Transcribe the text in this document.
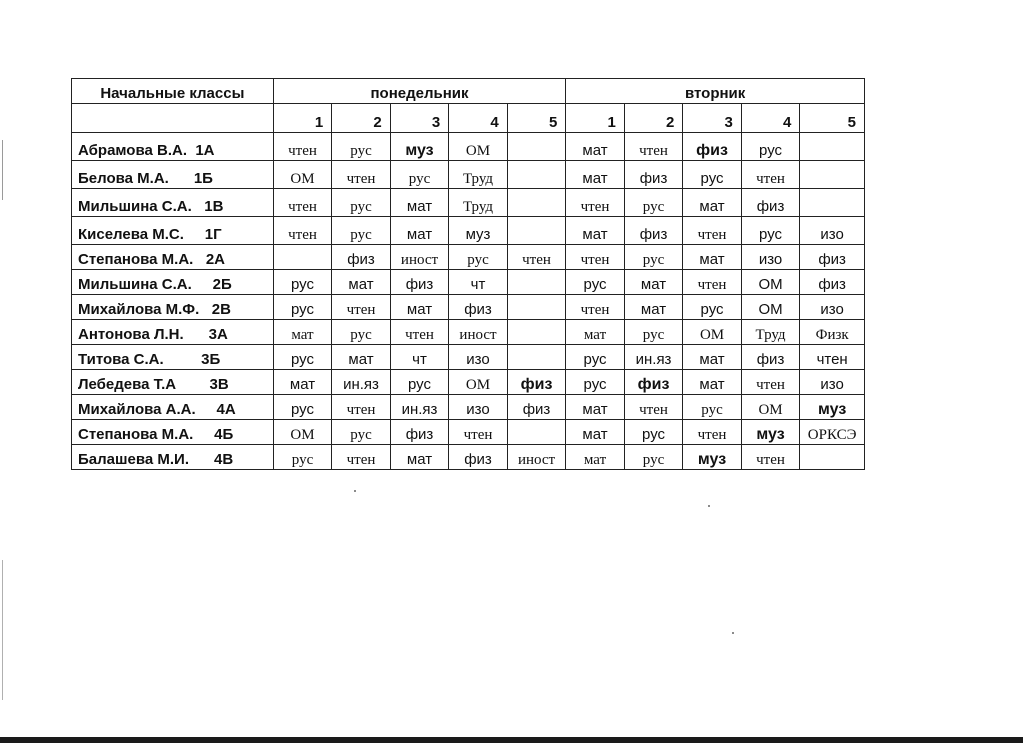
Начальные классы	понедельник					вторник				
	1	2	3	4	5	1	2	3	4	5
Абрамова В.А.  1А	чтен	рус	муз	ОМ		мат	чтен	физ	рус	
Белова М.А.      1Б	ОМ	чтен	рус	Труд		мат	физ	рус	чтен	
Мильшина С.А.   1В	чтен	рус	мат	Труд		чтен	рус	мат	физ	
Киселева М.С.     1Г	чтен	рус	мат	муз		мат	физ	чтен	рус	изо
Степанова М.А.   2А		физ	иност	рус	чтен	чтен	рус	мат	изо	физ
Мильшина С.А.     2Б	рус	мат	физ	чт		рус	мат	чтен	ОМ	физ
Михайлова М.Ф.   2В	рус	чтен	мат	физ		чтен	мат	рус	ОМ	изо
Антонова Л.Н.      3А	мат	рус	чтен	иност		мат	рус	ОМ	Труд	Физк
Титова С.А.         3Б	рус	мат	чт	изо		рус	ин.яз	мат	физ	чтен
Лебедева Т.А        3В	мат	ин.яз	рус	ОМ	физ	рус	физ	мат	чтен	изо
Михайлова А.А.     4А	рус	чтен	ин.яз	изо	физ	мат	чтен	рус	ОМ	муз
Степанова М.А.     4Б	ОМ	рус	физ	чтен		мат	рус	чтен	муз	ОРКСЭ
Балашева М.И.      4В	рус	чтен	мат	физ	иност	мат	рус	муз	чтен	
